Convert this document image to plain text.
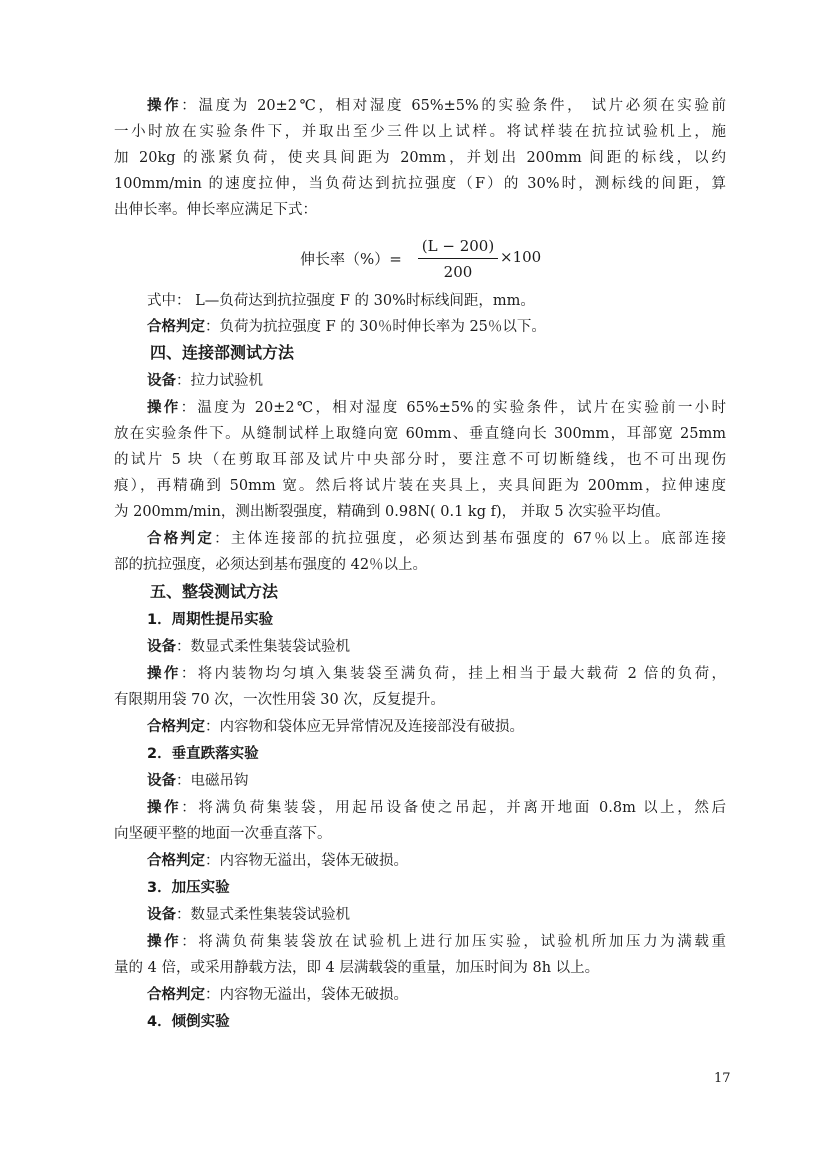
操作：温度为 20±2℃，相对湿度 65%±5%的实验条件， 试片必须在实验前
一小时放在实验条件下，并取出至少三件以上试样。将试样装在抗拉试验机上，施
加 20kg 的涨紧负荷，使夹具间距为 20mm，并划出 200mm 间距的标线，以约
100mm/min 的速度拉伸，当负荷达到抗拉强度（F）的 30%时，测标线的间距，算
出伸长率。伸长率应满足下式：
伸长率（%）=
(L − 200)
200
×100
式中： L—负荷达到抗拉强度 F 的 30%时标线间距，mm。
合格判定：负荷为抗拉强度 F 的 30％时伸长率为 25％以下。
四、连接部测试方法
设备：拉力试验机
操作：温度为 20±2℃，相对湿度 65%±5%的实验条件，试片在实验前一小时
放在实验条件下。从缝制试样上取缝向宽 60mm、垂直缝向长 300mm，耳部宽 25mm
的试片 5 块（在剪取耳部及试片中央部分时，要注意不可切断缝线，也不可出现伤
痕），再精确到 50mm 宽。然后将试片装在夹具上，夹具间距为 200mm，拉伸速度
为 200mm/min，测出断裂强度，精确到 0.98N( 0.1 kg f)， 并取 5 次实验平均值。
合格判定：主体连接部的抗拉强度，必须达到基布强度的 67％以上。底部连接
部的抗拉强度，必须达到基布强度的 42％以上。
五、整袋测试方法
1．周期性提吊实验
设备：数显式柔性集装袋试验机
操作：将内装物均匀填入集装袋至满负荷，挂上相当于最大载荷 2 倍的负荷，
有限期用袋 70 次，一次性用袋 30 次，反复提升。
合格判定：内容物和袋体应无异常情况及连接部没有破损。
2．垂直跌落实验
设备：电磁吊钩
操作：将满负荷集装袋，用起吊设备使之吊起，并离开地面 0.8m 以上，然后
向坚硬平整的地面一次垂直落下。
合格判定：内容物无溢出，袋体无破损。
3．加压实验
设备：数显式柔性集装袋试验机
操作：将满负荷集装袋放在试验机上进行加压实验，试验机所加压力为满载重
量的 4 倍，或采用静载方法，即 4 层满载袋的重量，加压时间为 8h 以上。
合格判定：内容物无溢出，袋体无破损。
4．倾倒实验
17
